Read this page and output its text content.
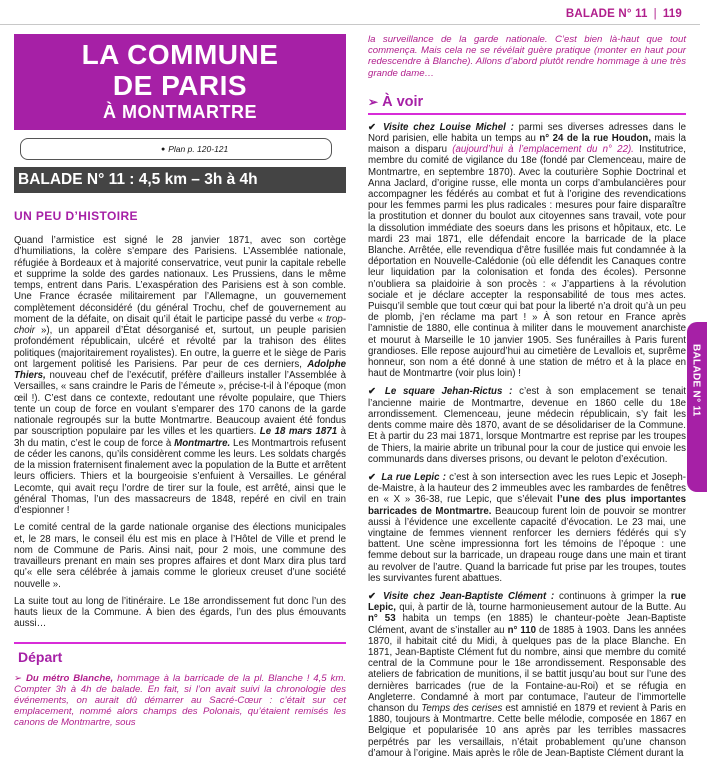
BALADE N° 11 | 119
LA COMMUNE
DE PARIS
À MONTMARTRE
● Plan p. 120-121
BALADE N° 11 : 4,5 km – 3h à 4h
UN PEU D’HISTOIRE

Quand l’armistice est signé le 28 janvier 1871, avec son cortège d’humiliations, la colère s’empare des Parisiens. L’Assemblée nationale, réfugiée à Bordeaux et à majorité conservatrice, veut punir la capitale rebelle et supprime la solde des gardes nationaux. Les Prussiens, dans le même temps, entrent dans Paris. L’exaspération des Parisiens est à son comble. Une France écrasée militairement par l’Allemagne, un gouvernement complètement déconsidéré (du général Trochu, chef de gouvernement au moment de la défaite, on disait qu’il était le participe passé du verbe « trop-choir »), un appareil d’État désorganisé et, surtout, un peuple parisien profondément républicain, ulcéré et révolté par la trahison des élites politiques (majoritairement royalistes). En outre, la guerre et le siège de Paris ont largement politisé les Parisiens. Par peur de ces derniers, Adolphe Thiers, nouveau chef de l’exécutif, préfère d’ailleurs installer l’Assemblée à Versailles, « sans craindre le Paris de l’émeute », précise-t-il à l’époque (mon œil !). C’est dans ce contexte, redoutant une révolte populaire, que Thiers tente un coup de force en voulant s’emparer des 170 canons de la garde nationale regroupés sur la butte Montmartre. Beaucoup avaient été fondus par souscription populaire par les villes et les quartiers. Le 18 mars 1871 à 3h du matin, c’est le coup de force à Montmartre. Les Montmartrois refusent de céder les canons, qu’ils considèrent comme les leurs. Les soldats chargés de la mission fraternisent finalement avec la population de la Butte et arrêtent leurs officiers. Thiers et la bourgeoisie s’enfuient à Versailles. Le général Lecomte, qui avait reçu l’ordre de tirer sur la foule, est arrêté, ainsi que le général Thomas, l’un des massacreurs de 1848, repéré en civil en train d’espionner !

Le comité central de la garde nationale organise des élections municipales et, le 28 mars, le conseil élu est mis en place à l’Hôtel de Ville et prend le nom de Commune de Paris. Ainsi nait, pour 2 mois, une commune des travailleurs prenant en main ses propres affaires et dont Marx dira plus tard qu’« elle sera célébrée à jamais comme le glorieux creuset d’une société nouvelle ».

La suite tout au long de l’itinéraire. Le 18e arrondissement fut donc l’un des hauts lieux de la Commune. À bien des égards, l’un des plus émouvants aussi…

Départ

➢ Du métro Blanche, hommage à la barricade de la pl. Blanche ! 4,5 km. Compter 3h à 4h de balade. En fait, si l’on avait suivi la chronologie des événements, on aurait dû démarrer au Sacré-Cœur : c’était sur cet emplacement, nommé alors champs des Polonais, qu’étaient remisés les canons de Montmartre, sous

la surveillance de la garde nationale. C’est bien là-haut que tout commença. Mais cela ne se révélait guère pratique (monter en haut pour redescendre à Blanche). Allons d’abord plutôt rendre hommage à une très grande dame…

➢ À voir

✔ Visite chez Louise Michel : parmi ses diverses adresses dans le Nord parisien, elle habita un temps au n° 24 de la rue Houdon, mais la maison a disparu (aujourd’hui à l’emplacement du n° 22). Institutrice, membre du comité de vigilance du 18e (fondé par Clemenceau, maire de Montmartre, en septembre 1870). Avec la couturière Sophie Doctrinal et Anna Jaclard, d’origine russe, elle monta un corps d’ambulancières pour accompagner les fédérés au combat et fut à l’origine des revendications pour les femmes parmi les plus radicales : mesures pour faire disparaître la prostitution et donner du boulot aux citoyennes sans travail, vote pour la dissolution immédiate des soeurs dans les prisons et hôpitaux, etc. Le mardi 23 mai 1871, elle défendait encore la barricade de la place Blanche. Arrêtée, elle revendiqua d’être fusillée mais fut condamnée à la déportation en Nouvelle-Calédonie (où elle défendit les Canaques contre leur liquidation par la colonisation et fonda des écoles). Personne n’oubliera sa plaidoirie à son procès : « J’appartiens à la révolution sociale et je déclare accepter la responsabilité de tous mes actes. Puisqu’il semble que tout cœur qui bat pour la liberté n’a droit qu’à un peu de plomb, j’en réclame ma part ! » À son retour en France après l’amnistie de 1880, elle continua à militer dans le mouvement anarchiste et mourut à Marseille le 10 janvier 1905. Ses funérailles à Paris furent grandioses. Elle repose aujourd’hui au cimetière de Levallois et, suprême honneur, son nom a été donné à une station de métro et à la place en haut de Montmartre (voir plus loin) !

✔ Le square Jehan-Rictus : c’est à son emplacement se tenait l’ancienne mairie de Montmartre, devenue en 1860 celle du 18e arrondissement. Clemenceau, jeune médecin républicain, s’y fait les dents comme maire dès 1870, avant de se désolidariser de la Commune. Et à partir du 23 mai 1871, lorsque Montmartre est reprise par les troupes de Thiers, la mairie abrite un tribunal pour la cour de justice qui envoie les communards dans diverses prisons, ou devant le peloton d’exécution.

✔ La rue Lepic : c’est à son intersection avec les rues Lepic et Joseph-de-Maistre, à la hauteur des 2 immeubles avec les rambardes de fenêtres en « X » 36-38, rue Lepic, que s’élevait l’une des plus importantes barricades de Montmartre. Beaucoup furent loin de pouvoir se montrer aussi à l’évidence une excellente capacité d’évocation. Le 23 mai, une vingtaine de femmes viennent renforcer les derniers fédérés qui s’y battent. Une scène impressionna fort les témoins de l’époque : une femme debout sur la barricade, un drapeau rouge dans une main et tirant au revolver de l’autre. Quand la barricade fut prise par les troupes, toutes les survivantes furent abattues.

✔ Visite chez Jean-Baptiste Clément : continuons à grimper la rue Lepic, qui, à partir de là, tourne harmonieusement autour de la Butte. Au n° 53 habita un temps (en 1885) le chanteur-poète Jean-Baptiste Clément, avant de s’installer au n° 110 de 1885 à 1903. Dans les années 1870, il habitait cité du Midi, à quelques pas de la place Blanche. En 1871, Jean-Baptiste Clément fut du nombre, ainsi que membre du comité central de la Commune pour le 18e arrondissement. Responsable des ateliers de fabrication de munitions, il se battit jusqu’au bout sur l’une des dernières barricades (rue de la Fontaine-au-Roi) et se réfugia en Angleterre. Condamné à mort par contumace, l’auteur de l’immortelle chanson du Temps des cerises est amnistié en 1879 et revient à Paris en 1880, toujours à Montmartre. Cette belle mélodie, composée en 1867 en Belgique et popularisée 10 ans après par les terribles massacres perpétrés par les versaillais, n’était probablement qu’une chanson d’amour à l’origine. Mais après le rôle de Jean-Baptiste Clément durant la

BALADE N° 11
